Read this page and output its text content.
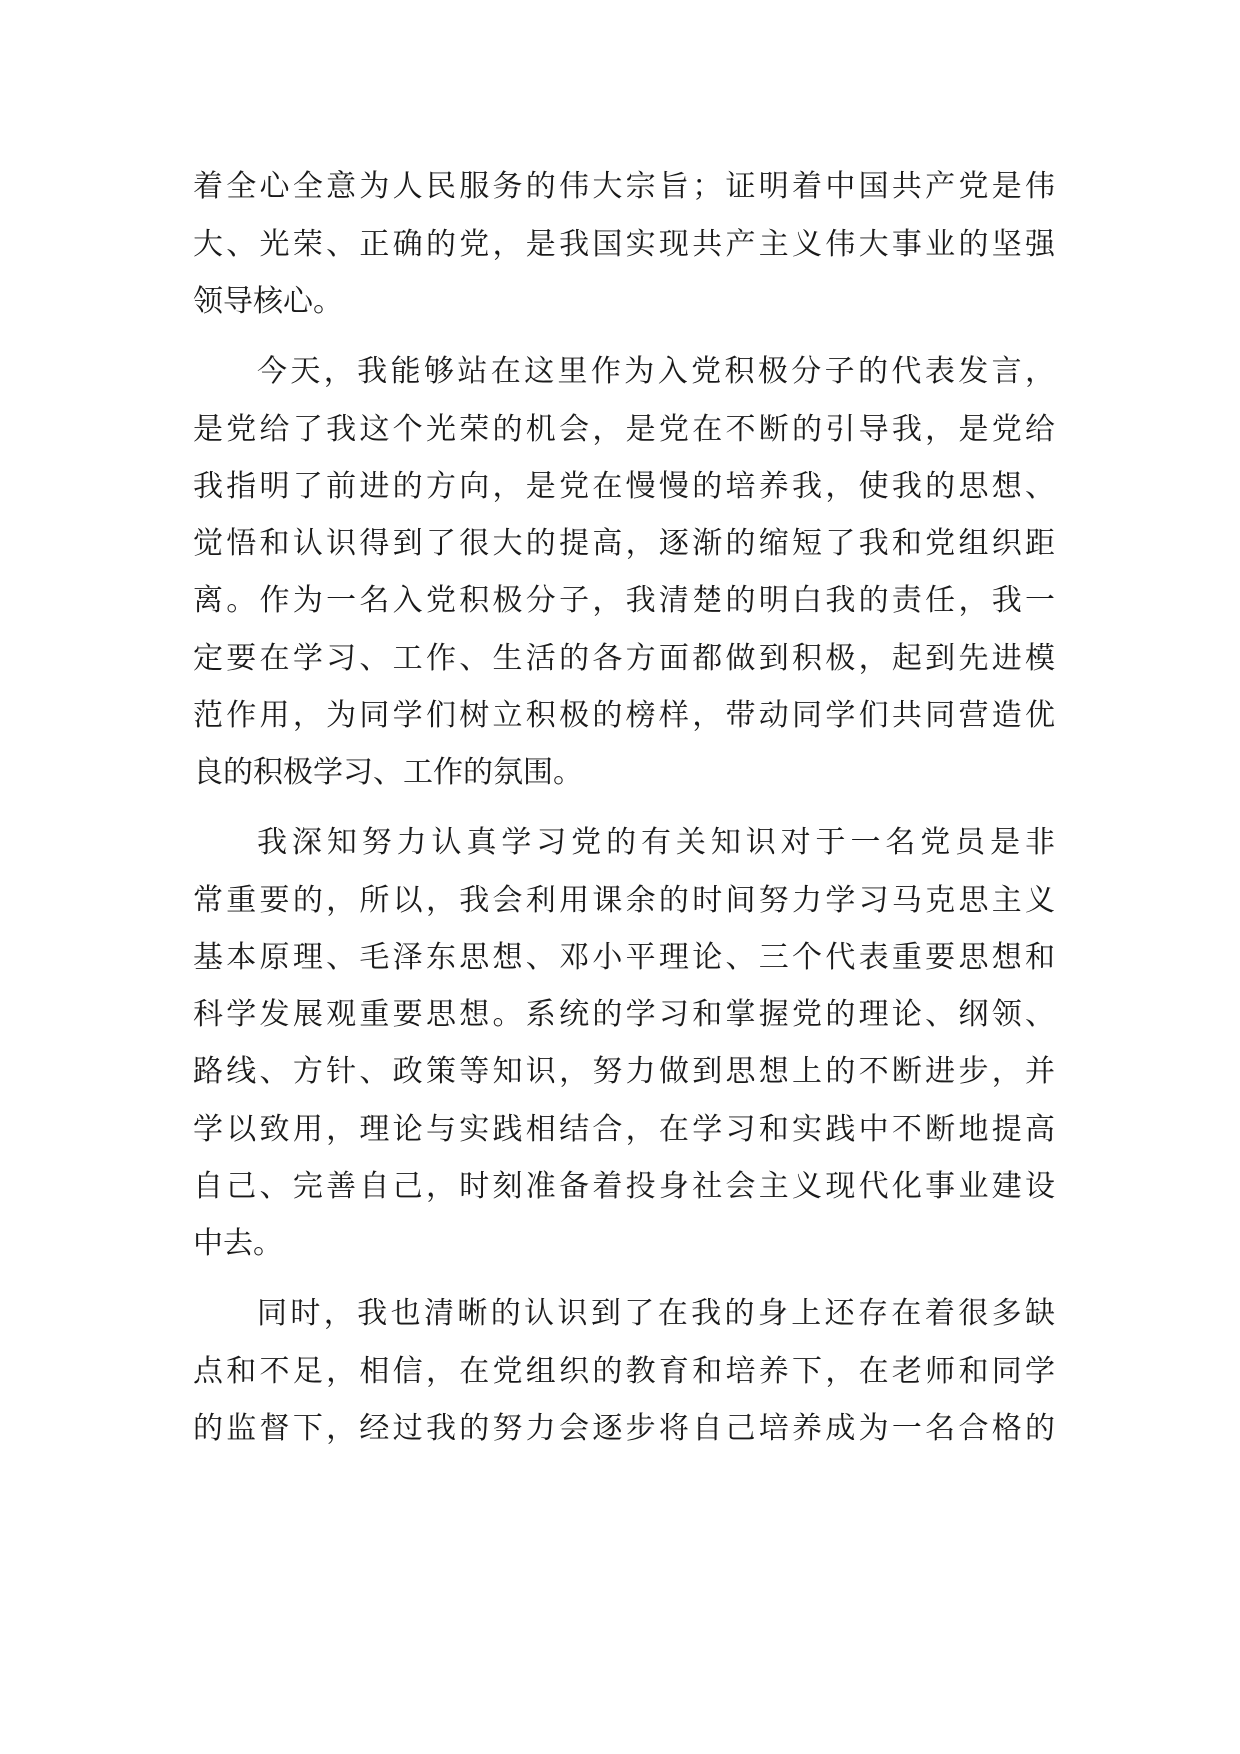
着全心全意为人民服务的伟大宗旨；证明着中国共产党是伟
大、光荣、正确的党，是我国实现共产主义伟大事业的坚强
领导核心。
今天，我能够站在这里作为入党积极分子的代表发言，
是党给了我这个光荣的机会，是党在不断的引导我，是党给
我指明了前进的方向，是党在慢慢的培养我，使我的思想、
觉悟和认识得到了很大的提高，逐渐的缩短了我和党组织距
离。作为一名入党积极分子，我清楚的明白我的责任，我一
定要在学习、工作、生活的各方面都做到积极，起到先进模
范作用，为同学们树立积极的榜样，带动同学们共同营造优
良的积极学习、工作的氛围。
我深知努力认真学习党的有关知识对于一名党员是非
常重要的，所以，我会利用课余的时间努力学习马克思主义
基本原理、毛泽东思想、邓小平理论、三个代表重要思想和
科学发展观重要思想。系统的学习和掌握党的理论、纲领、
路线、方针、政策等知识，努力做到思想上的不断进步，并
学以致用，理论与实践相结合，在学习和实践中不断地提高
自己、完善自己，时刻准备着投身社会主义现代化事业建设
中去。
同时，我也清晰的认识到了在我的身上还存在着很多缺
点和不足，相信，在党组织的教育和培养下，在老师和同学
的监督下，经过我的努力会逐步将自己培养成为一名合格的
